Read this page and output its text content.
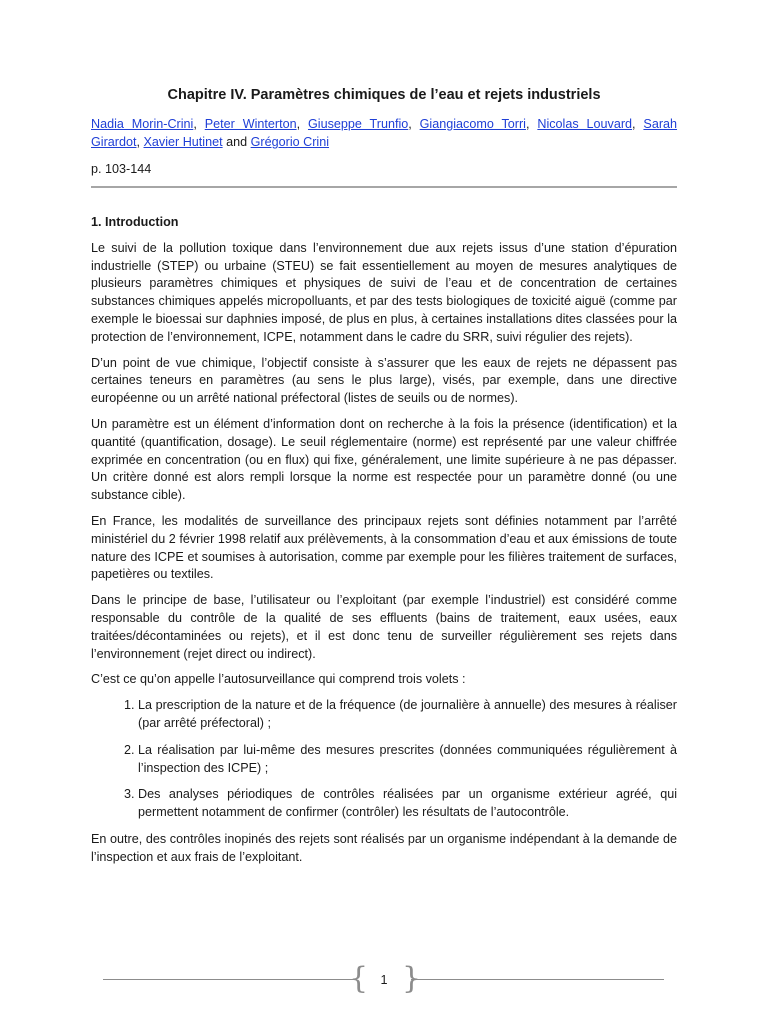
Chapitre IV. Paramètres chimiques de l’eau et rejets industriels

Nadia Morin-Crini, Peter Winterton, Giuseppe Trunfio, Giangiacomo Torri, Nicolas Louvard, Sarah Girardot, Xavier Hutinet and Grégorio Crini

p. 103-144

1. Introduction

Le suivi de la pollution toxique dans l’environnement due aux rejets issus d’une station d’épuration industrielle (STEP) ou urbaine (STEU) se fait essentiellement au moyen de mesures analytiques de plusieurs paramètres chimiques et physiques de suivi de l’eau et de concentration de certaines substances chimiques appelés micropolluants, et par des tests biologiques de toxicité aiguë (comme par exemple le bioessai sur daphnies imposé, de plus en plus, à certaines installations dites classées pour la protection de l’environnement, ICPE, notamment dans le cadre du SRR, suivi régulier des rejets).

D’un point de vue chimique, l’objectif consiste à s’assurer que les eaux de rejets ne dépassent pas certaines teneurs en paramètres (au sens le plus large), visés, par exemple, dans une directive européenne ou un arrêté national préfectoral (listes de seuils ou de normes).

Un paramètre est un élément d’information dont on recherche à la fois la présence (identification) et la quantité (quantification, dosage). Le seuil réglementaire (norme) est représenté par une valeur chiffrée exprimée en concentration (ou en flux) qui fixe, généralement, une limite supérieure à ne pas dépasser. Un critère donné est alors rempli lorsque la norme est respectée pour un paramètre donné (ou une substance cible).

En France, les modalités de surveillance des principaux rejets sont définies notamment par l’arrêté ministériel du 2 février 1998 relatif aux prélèvements, à la consommation d’eau et aux émissions de toute nature des ICPE et soumises à autorisation, comme par exemple pour les filières traitement de surfaces, papetières ou textiles.

Dans le principe de base, l’utilisateur ou l’exploitant (par exemple l’industriel) est considéré comme responsable du contrôle de la qualité de ses effluents (bains de traitement, eaux usées, eaux traitées/décontaminées ou rejets), et il est donc tenu de surveiller régulièrement ses rejets dans l’environnement (rejet direct ou indirect).

C’est ce qu’on appelle l’autosurveillance qui comprend trois volets :

1. La prescription de la nature et de la fréquence (de journalière à annuelle) des mesures à réaliser (par arrêté préfectoral) ;
2. La réalisation par lui-même des mesures prescrites (données communiquées régulièrement à l’inspection des ICPE) ;
3. Des analyses périodiques de contrôles réalisées par un organisme extérieur agréé, qui permettent notamment de confirmer (contrôler) les résultats de l’autocontrôle.

En outre, des contrôles inopinés des rejets sont réalisés par un organisme indépendant à la demande de l’inspection et aux frais de l’exploitant.

{ 1 }
